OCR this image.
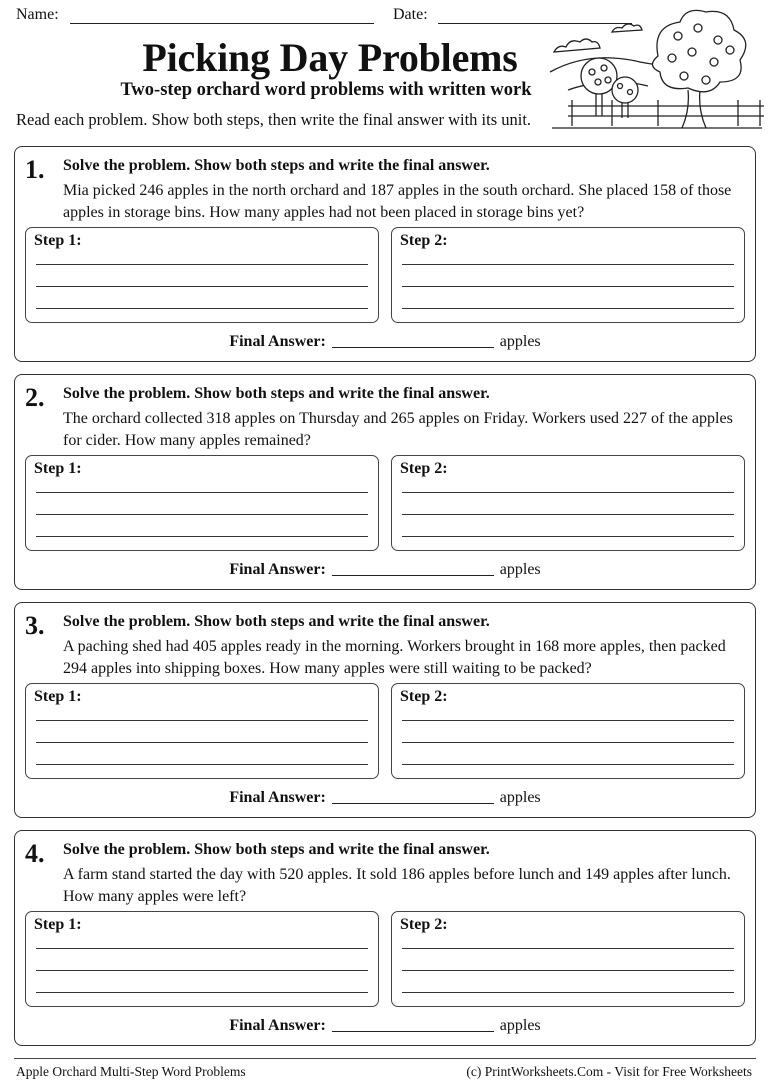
Name:	Date:
Picking Day Problems
Two-step orchard word problems with written work
Read each problem. Show both steps, then write the final answer with its unit.
1. Solve the problem. Show both steps and write the final answer.
Mia picked 246 apples in the north orchard and 187 apples in the south orchard. She placed 158 of those apples in storage bins. How many apples had not been placed in storage bins yet?
Step 1:	Step 2:
Final Answer:	apples
2. Solve the problem. Show both steps and write the final answer.
The orchard collected 318 apples on Thursday and 265 apples on Friday. Workers used 227 of the apples for cider. How many apples remained?
Step 1:	Step 2:
Final Answer:	apples
3. Solve the problem. Show both steps and write the final answer.
A paching shed had 405 apples ready in the morning. Workers brought in 168 more apples, then packed 294 apples into shipping boxes. How many apples were still waiting to be packed?
Step 1:	Step 2:
Final Answer:	apples
4. Solve the problem. Show both steps and write the final answer.
A farm stand started the day with 520 apples. It sold 186 apples before lunch and 149 apples after lunch. How many apples were left?
Step 1:	Step 2:
Final Answer:	apples
Apple Orchard Multi-Step Word Problems	(c) PrintWorksheets.Com - Visit for Free Worksheets
